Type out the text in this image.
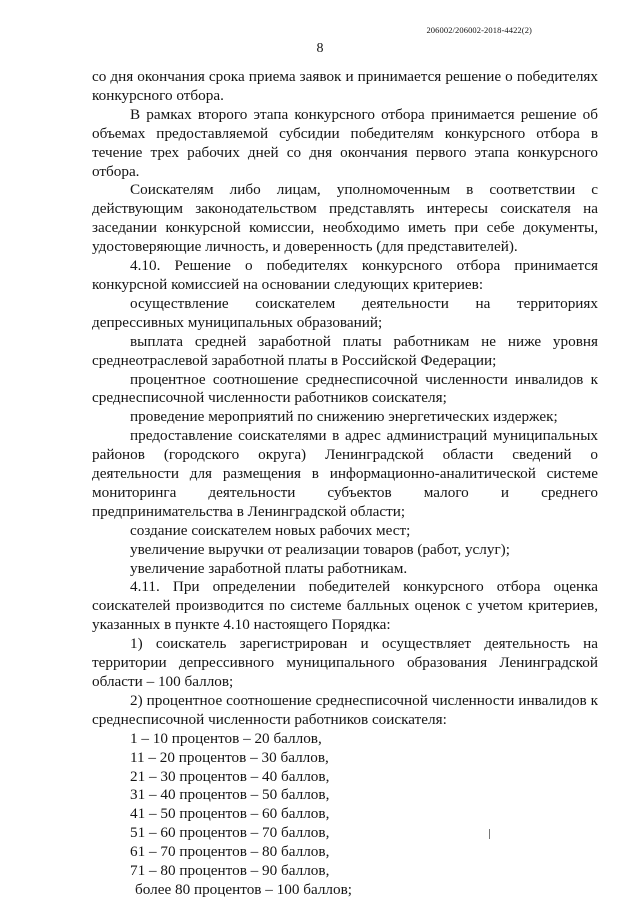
206002/206002-2018-4422(2)
8

со дня окончания срока приема заявок и принимается решение о победителях конкурсного отбора.

В рамках второго этапа конкурсного отбора принимается решение об объемах предоставляемой субсидии победителям конкурсного отбора в течение трех рабочих дней со дня окончания первого этапа конкурсного отбора.

Соискателям либо лицам, уполномоченным в соответствии с действующим законодательством представлять интересы соискателя на заседании конкурсной комиссии, необходимо иметь при себе документы, удостоверяющие личность, и доверенность (для представителей).

4.10. Решение о победителях конкурсного отбора принимается конкурсной комиссией на основании следующих критериев:

осуществление соискателем деятельности на территориях депрессивных муниципальных образований;

выплата средней заработной платы работникам не ниже уровня среднеотраслевой заработной платы в Российской Федерации;

процентное соотношение среднесписочной численности инвалидов к среднесписочной численности работников соискателя;

проведение мероприятий по снижению энергетических издержек;

предоставление соискателями в адрес администраций муниципальных районов (городского округа) Ленинградской области сведений о деятельности для размещения в информационно-аналитической системе мониторинга деятельности субъектов малого и среднего предпринимательства в Ленинградской области;

создание соискателем новых рабочих мест;

увеличение выручки от реализации товаров (работ, услуг);

увеличение заработной платы работникам.

4.11. При определении победителей конкурсного отбора оценка соискателей производится по системе балльных оценок с учетом критериев, указанных в пункте 4.10 настоящего Порядка:

1) соискатель зарегистрирован и осуществляет деятельность на территории депрессивного муниципального образования Ленинградской области – 100 баллов;

2) процентное соотношение среднесписочной численности инвалидов к среднесписочной численности работников соискателя:

1 – 10 процентов – 20 баллов,
11 – 20 процентов – 30 баллов,
21 – 30 процентов – 40 баллов,
31 – 40 процентов – 50 баллов,
41 – 50 процентов – 60 баллов,
51 – 60 процентов – 70 баллов,
61 – 70 процентов – 80 баллов,
71 – 80 процентов – 90 баллов,
более 80 процентов – 100 баллов;
